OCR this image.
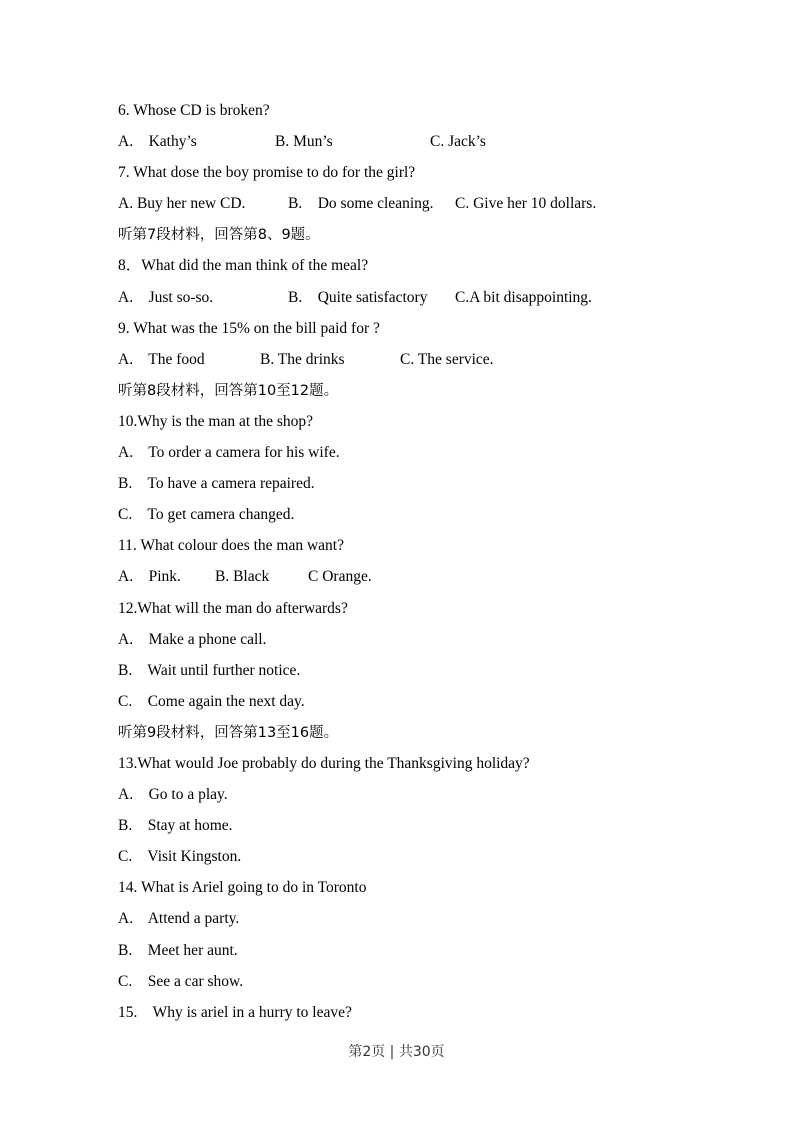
6. Whose CD is broken?
A.    Kathy’s	B. Mun’s	C. Jack’s
7. What dose the boy promise to do for the girl?
A. Buy her new CD.	B.    Do some cleaning. C. Give her 10 dollars.
听第7段材料，回答第8、9题。
8．What did the man think of the meal?
A.    Just so-so.	B.    Quite satisfactory C.A bit disappointing.
9. What was the 15% on the bill paid for ?
A.    The food	B. The drinks	C. The service.
听第8段材料，回答第10至12题。
10.Why is the man at the shop?
A.    To order a camera for his wife.
B.    To have a camera repaired.
C.    To get camera changed.
11. What colour does the man want?
A.    Pink. B. Black	C Orange.
12.What will the man do afterwards?
A.    Make a phone call.
B.    Wait until further notice.
C.    Come again the next day.
听第9段材料，回答第13至16题。
13.What would Joe probably do during the Thanksgiving holiday?
A.    Go to a play.
B.    Stay at home.
C.    Visit Kingston.
14. What is Ariel going to do in Toronto
A.    Attend a party.
B.    Meet her aunt.
C.    See a car show.
15.    Why is ariel in a hurry to leave?
第2页 | 共30页
